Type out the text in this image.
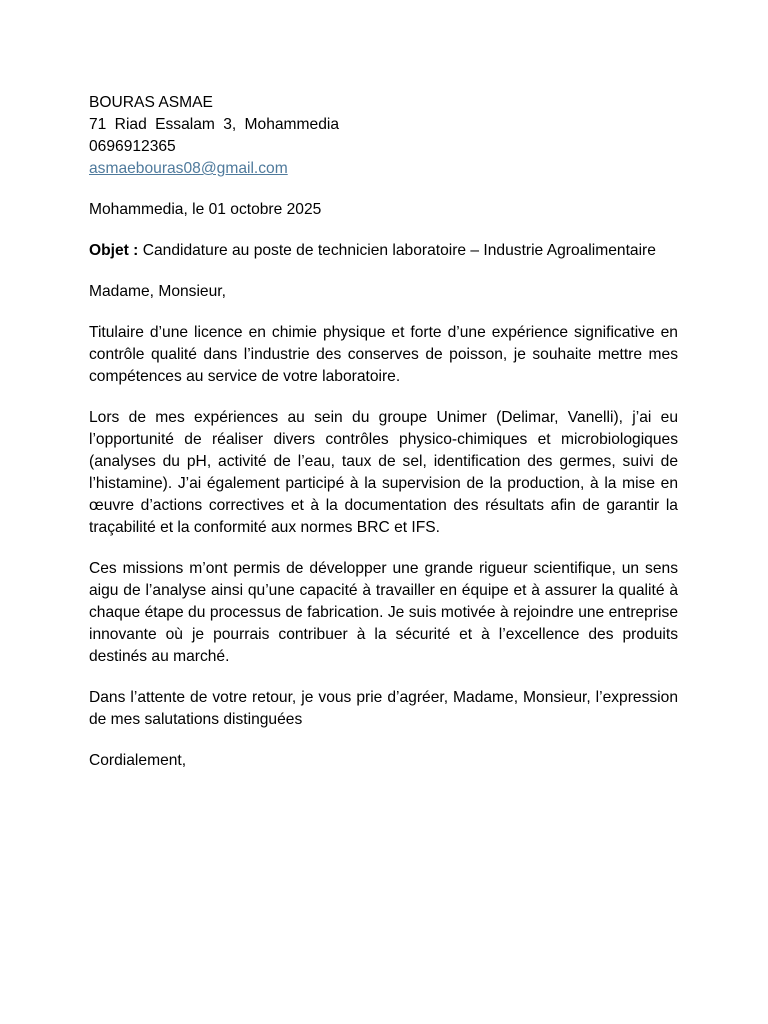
BOURAS ASMAE
71 Riad Essalam 3, Mohammedia
0696912365
asmaebouras08@gmail.com
Mohammedia, le 01 octobre 2025
Objet : Candidature au poste de technicien laboratoire – Industrie Agroalimentaire
Madame, Monsieur,

Titulaire d’une licence en chimie physique et forte d’une expérience significative en contrôle qualité dans l’industrie des conserves de poisson, je souhaite mettre mes compétences au service de votre laboratoire.

Lors de mes expériences au sein du groupe Unimer (Delimar, Vanelli), j’ai eu l’opportunité de réaliser divers contrôles physico-chimiques et microbiologiques (analyses du pH, activité de l’eau, taux de sel, identification des germes, suivi de l’histamine). J’ai également participé à la supervision de la production, à la mise en œuvre d’actions correctives et à la documentation des résultats afin de garantir la traçabilité et la conformité aux normes BRC et IFS.

Ces missions m’ont permis de développer une grande rigueur scientifique, un sens aigu de l’analyse ainsi qu’une capacité à travailler en équipe et à assurer la qualité à chaque étape du processus de fabrication. Je suis motivée à rejoindre une entreprise innovante où je pourrais contribuer à la sécurité et à l’excellence des produits destinés au marché.

Dans l’attente de votre retour, je vous prie d’agréer, Madame, Monsieur, l’expression de mes salutations distinguées

Cordialement,
